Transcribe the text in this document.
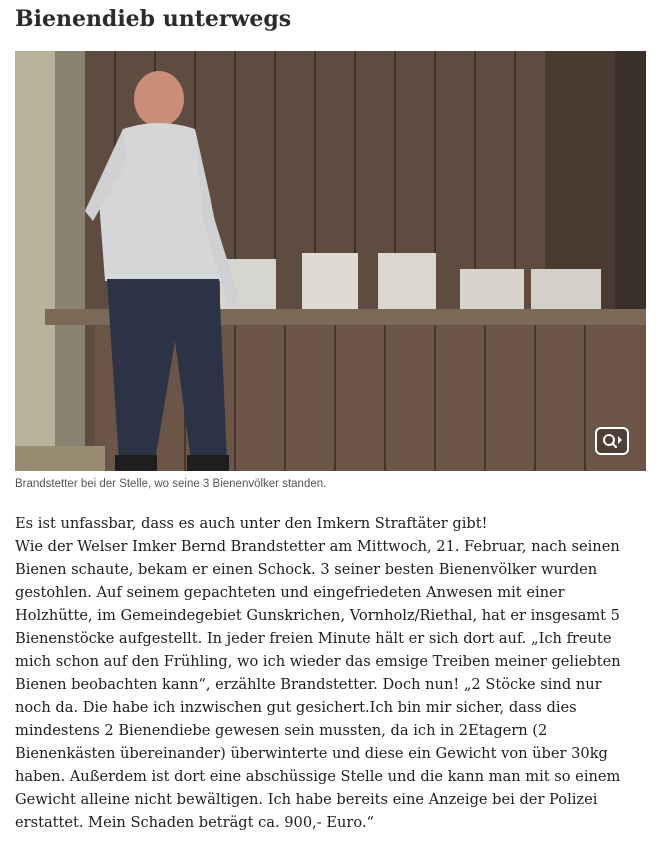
Bienendieb unterwegs
Brandstetter bei der Stelle, wo seine 3 Bienenvölker standen.
Es ist unfassbar, dass es auch unter den Imkern Straftäter gibt!
Wie der Welser Imker Bernd Brandstetter am Mittwoch, 21. Februar, nach seinen
Bienen schaute, bekam er einen Schock. 3 seiner besten Bienenvölker wurden
gestohlen. Auf seinem gepachteten und eingefriedeten Anwesen mit einer
Holzhütte, im Gemeindegebiet Gunskrichen, Vornholz/Riethal, hat er insgesamt 5
Bienenstöcke aufgestellt. In jeder freien Minute hält er sich dort auf. „Ich freute
mich schon auf den Frühling, wo ich wieder das emsige Treiben meiner geliebten
Bienen beobachten kann“, erzählte Brandstetter. Doch nun! „2 Stöcke sind nur
noch da. Die habe ich inzwischen gut gesichert.Ich bin mir sicher, dass dies
mindestens 2 Bienendiebe gewesen sein mussten, da ich in 2Etagern (2
Bienenkästen übereinander) überwinterte und diese ein Gewicht von über 30kg
haben. Außerdem ist dort eine abschüssige Stelle und die kann man mit so einem
Gewicht alleine nicht bewältigen. Ich habe bereits eine Anzeige bei der Polizei
erstattet. Mein Schaden beträgt ca. 900,- Euro.“
